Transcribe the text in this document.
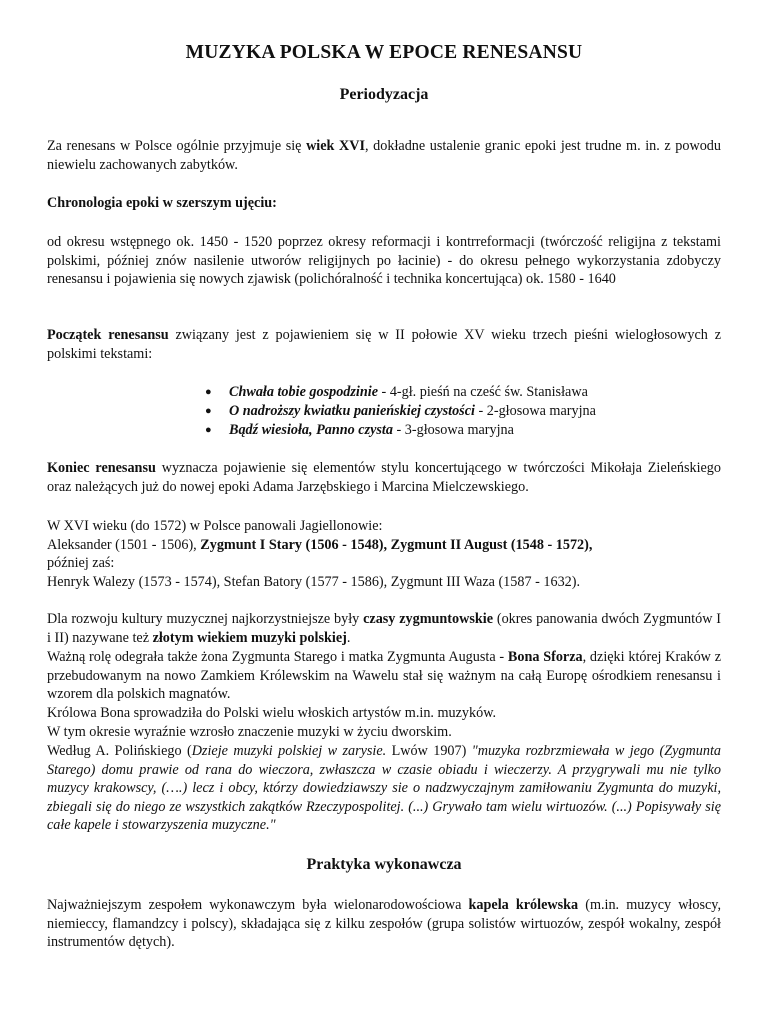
MUZYKA POLSKA W EPOCE RENESANSU
Periodyzacja

Za renesans w Polsce ogólnie przyjmuje się wiek XVI, dokładne ustalenie granic epoki jest trudne m. in. z powodu niewielu zachowanych zabytków.

Chronologia epoki w szerszym ujęciu:

od okresu wstępnego ok. 1450 - 1520 poprzez okresy reformacji i kontrreformacji (twórczość religijna z tekstami polskimi, później znów nasilenie utworów religijnych po łacinie) - do okresu pełnego wykorzystania zdobyczy renesansu i pojawienia się nowych zjawisk (polichóralność i technika koncertująca) ok. 1580 - 1640

Początek renesansu związany jest z pojawieniem się w II połowie XV wieku trzech pieśni wielogłosowych z polskimi tekstami:

● Chwała tobie gospodzinie - 4-gł. pieśń na cześć św. Stanisława
● O nadroższy kwiatku panieńskiej czystości - 2-głosowa maryjna
● Bądź wiesioła, Panno czysta - 3-głosowa maryjna

Koniec renesansu wyznacza pojawienie się elementów stylu koncertującego w twórczości Mikołaja Zieleńskiego oraz należących już do nowej epoki Adama Jarzębskiego i Marcina Mielczewskiego.

W XVI wieku (do 1572) w Polsce panowali Jagiellonowie:
Aleksander (1501 - 1506), Zygmunt I Stary (1506 - 1548), Zygmunt II August (1548 - 1572),
później zaś:
Henryk Walezy (1573 - 1574), Stefan Batory (1577 - 1586), Zygmunt III Waza (1587 - 1632).

Dla rozwoju kultury muzycznej najkorzystniejsze były czasy zygmuntowskie (okres panowania dwóch Zygmuntów I i II) nazywane też złotym wiekiem muzyki polskiej.

Ważną rolę odegrała także żona Zygmunta Starego i matka Zygmunta Augusta - Bona Sforza, dzięki której Kraków z przebudowanym na nowo Zamkiem Królewskim na Wawelu stał się ważnym na całą Europę ośrodkiem renesansu i wzorem dla polskich magnatów.

Królowa Bona sprowadziła do Polski wielu włoskich artystów m.in. muzyków.

W tym okresie wyraźnie wzrosło znaczenie muzyki w życiu dworskim.

Według A. Polińskiego (Dzieje muzyki polskiej w zarysie. Lwów 1907) "muzyka rozbrzmiewała w jego (Zygmunta Starego) domu prawie od rana do wieczora, zwłaszcza w czasie obiadu i wieczerzy. A przygrywali mu nie tylko muzycy krakowscy, (….) lecz i obcy, którzy dowiedziawszy sie o nadzwyczajnym zamiłowaniu Zygmunta do muzyki, zbiegali się do niego ze wszystkich zakątków Rzeczypospolitej. (...) Grywało tam wielu wirtuozów. (...) Popisywały się całe kapele i stowarzyszenia muzyczne."

Praktyka wykonawcza

Najważniejszym zespołem wykonawczym była wielonarodowościowa kapela królewska (m.in. muzycy włoscy, niemieccy, flamandzcy i polscy), składająca się z kilku zespołów (grupa solistów wirtuozów, zespół wokalny, zespół instrumentów dętych).
